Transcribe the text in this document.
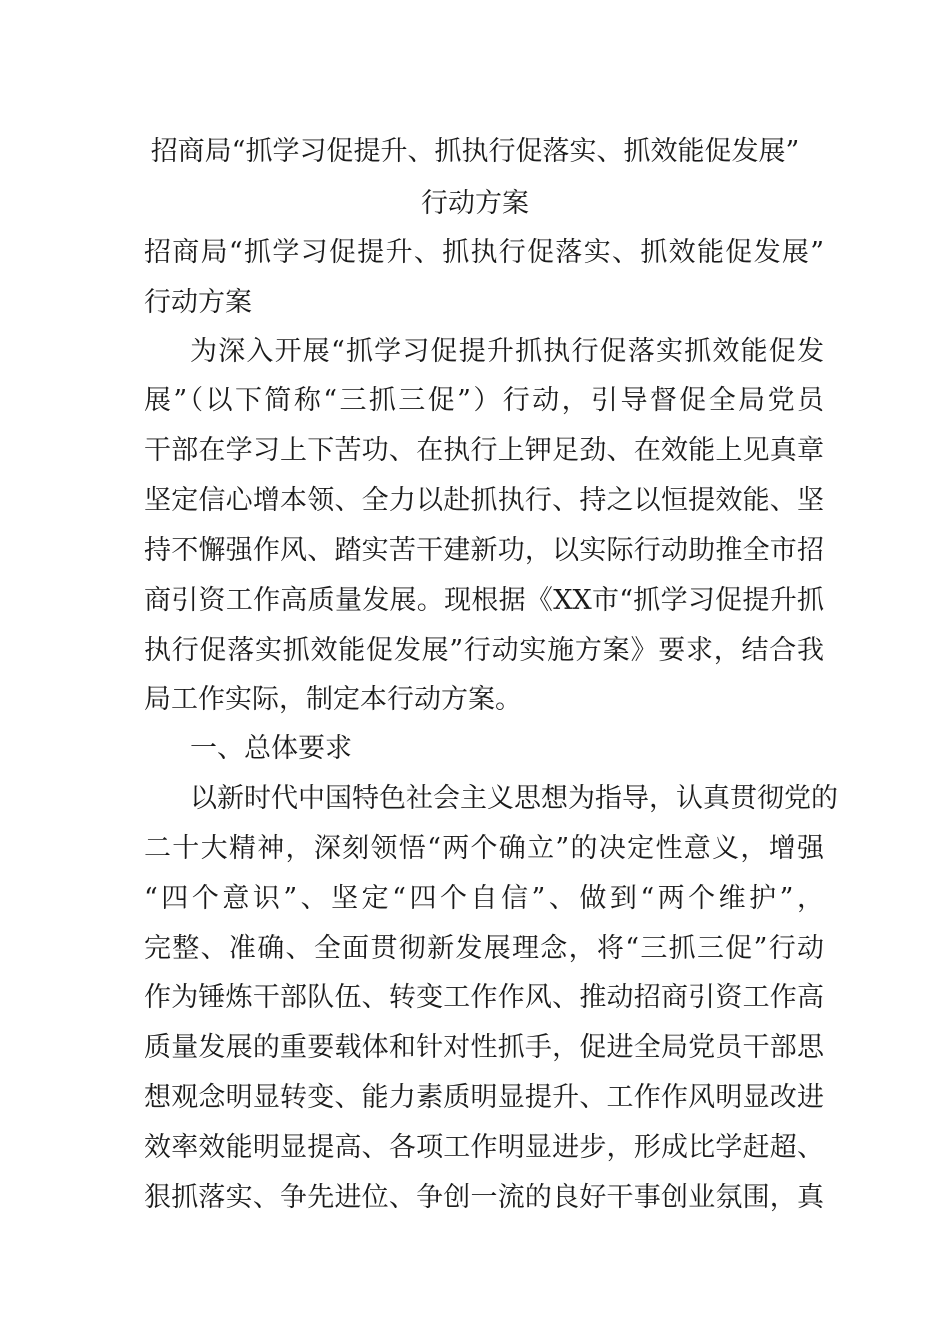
招商局“抓学习促提升、抓执行促落实、抓效能促发展”
行动方案
招商局“抓学习促提升、抓执行促落实、抓效能促发展”
行动方案
为深入开展“抓学习促提升抓执行促落实抓效能促发
展”（以下简称“三抓三促”）行动，引导督促全局党员
干部在学习上下苦功、在执行上钾足劲、在效能上见真章
坚定信心增本领、全力以赴抓执行、持之以恒提效能、坚
持不懈强作风、踏实苦干建新功，以实际行动助推全市招
商引资工作高质量发展。现根据《XX市“抓学习促提升抓
执行促落实抓效能促发展”行动实施方案》要求，结合我
局工作实际，制定本行动方案。
一、总体要求
以新时代中国特色社会主义思想为指导，认真贯彻党的
二十大精神，深刻领悟“两个确立”的决定性意义，增强
“四个意识”、坚定“四个自信”、做到“两个维护”，
完整、准确、全面贯彻新发展理念，将“三抓三促”行动
作为锤炼干部队伍、转变工作作风、推动招商引资工作高
质量发展的重要载体和针对性抓手，促进全局党员干部思
想观念明显转变、能力素质明显提升、工作作风明显改进
效率效能明显提高、各项工作明显进步，形成比学赶超、
狠抓落实、争先进位、争创一流的良好干事创业氛围，真
